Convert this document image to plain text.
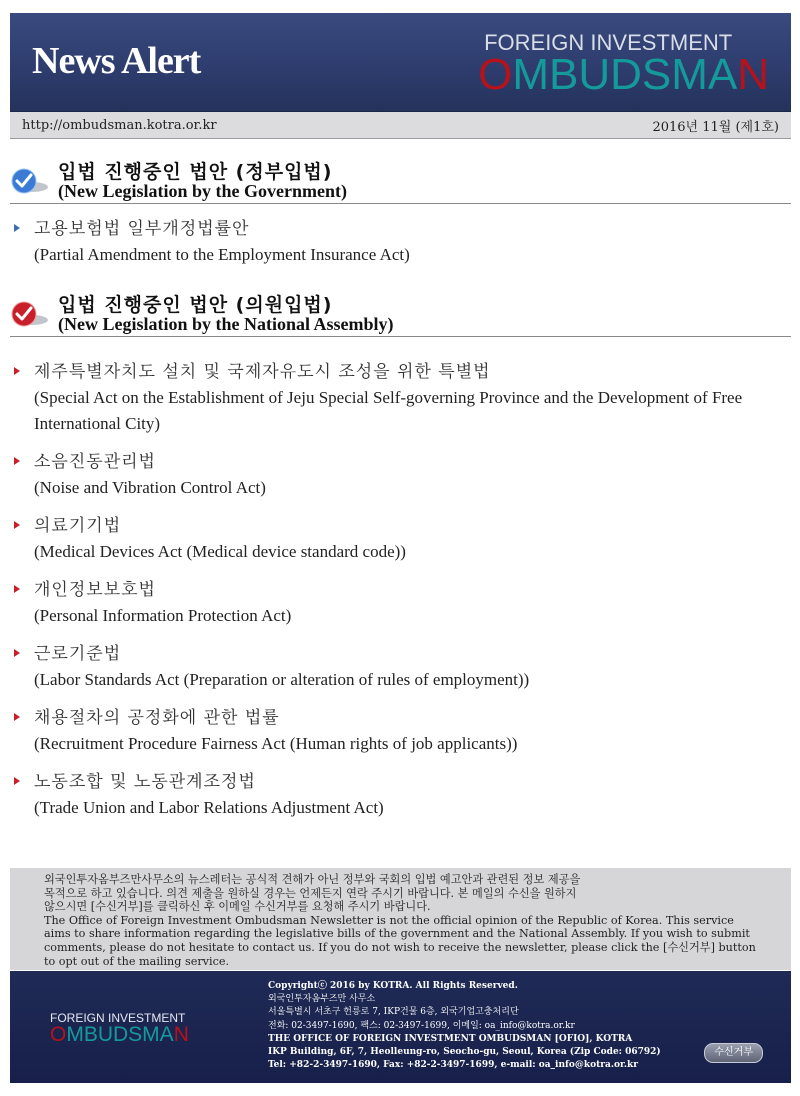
News Alert	FOREIGN INVESTMENT
OMBUDSMAN
http://ombudsman.kotra.or.kr	2016년 11월 (제1호)
입법 진행중인 법안 (정부입법)
(New Legislation by the Government)
고용보험법 일부개정법률안
(Partial Amendment to the Employment Insurance Act)
입법 진행중인 법안 (의원입법)
(New Legislation by the National Assembly)
제주특별자치도 설치 및 국제자유도시 조성을 위한 특별법
(Special Act on the Establishment of Jeju Special Self-governing Province and the Development of Free International City)
소음진동관리법
(Noise and Vibration Control Act)
의료기기법
(Medical Devices Act (Medical device standard code))
개인정보보호법
(Personal Information Protection Act)
근로기준법
(Labor Standards Act (Preparation or alteration of rules of employment))
채용절차의 공정화에 관한 법률
(Recruitment Procedure Fairness Act (Human rights of job applicants))
노동조합 및 노동관계조정법
(Trade Union and Labor Relations Adjustment Act)
외국인투자옴부즈만사무소의 뉴스레터는 공식적 견해가 아닌 정부와 국회의 입법 예고안과 관련된 정보 제공을
목적으로 하고 있습니다. 의견 제출을 원하실 경우는 언제든지 연락 주시기 바랍니다. 본 메일의 수신을 원하지
않으시면 [수신거부]를 클릭하신 후 이메일 수신거부를 요청해 주시기 바랍니다.
The Office of Foreign Investment Ombudsman Newsletter is not the official opinion of the Republic of Korea. This service
aims to share information regarding the legislative bills of the government and the National Assembly. If you wish to submit
comments, please do not hesitate to contact us. If you do not wish to receive the newsletter, please click the [수신거부] button
to opt out of the mailing service.
FOREIGN INVESTMENT
OMBUDSMAN
Copyrightⓒ 2016 by KOTRA. All Rights Reserved.
외국인투자옴부즈만 사무소
서울특별시 서초구 헌릉로 7, IKP건물 6층, 외국기업고충처리단
전화: 02-3497-1690, 팩스: 02-3497-1699, 이메일: oa_info@kotra.or.kr
THE OFFICE OF FOREIGN INVESTMENT OMBUDSMAN [OFIO], KOTRA
IKP Building, 6F, 7, Heolleung-ro, Seocho-gu, Seoul, Korea (Zip Code: 06792)
Tel: +82-2-3497-1690, Fax: +82-2-3497-1699, e-mail: oa_info@kotra.or.kr
수신거부
